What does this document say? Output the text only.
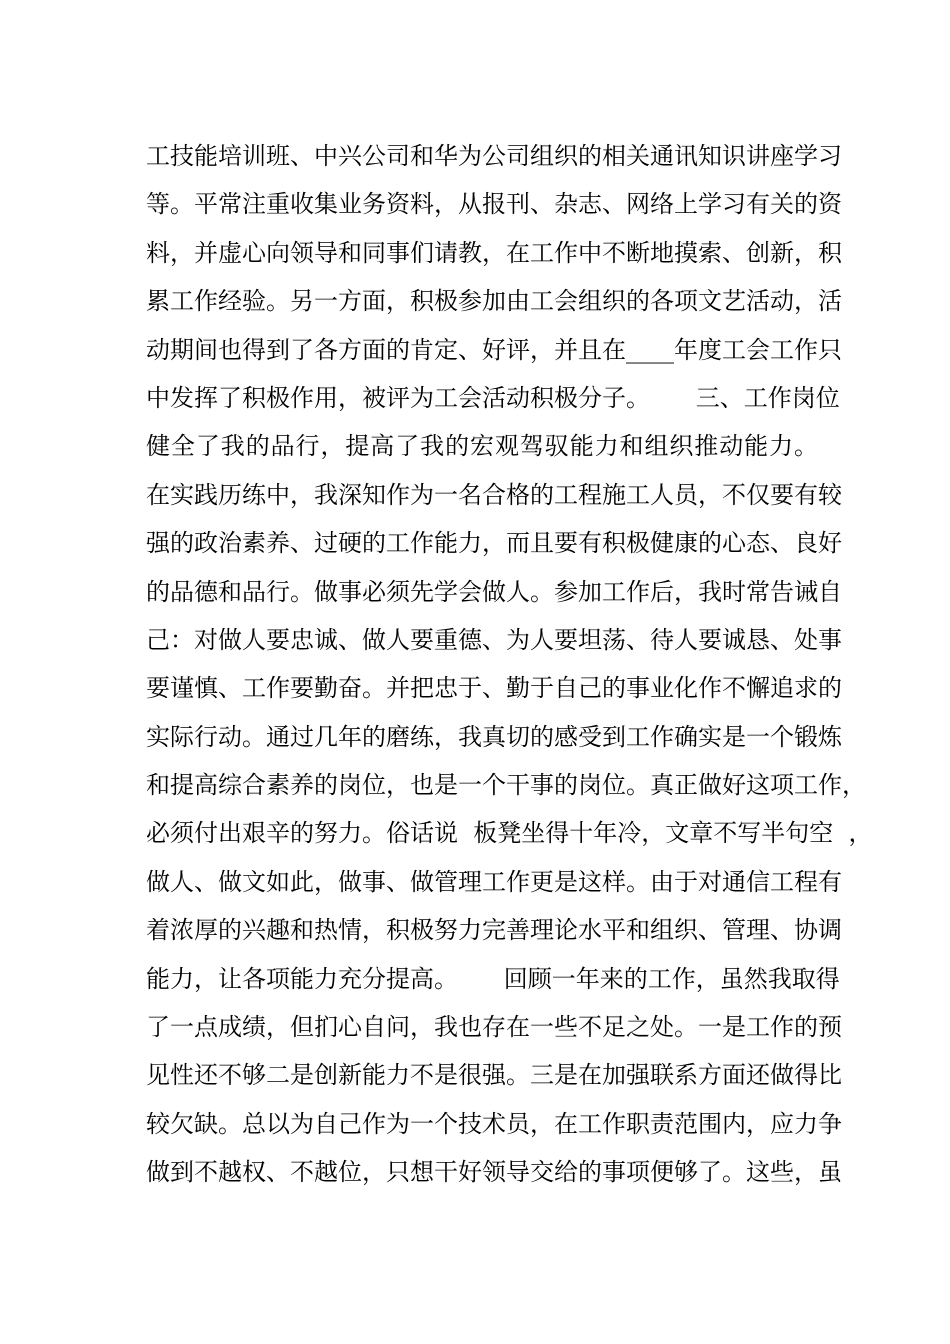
工技能培训班、中兴公司和华为公司组织的相关通讯知识讲座学习
等。平常注重收集业务资料，从报刊、杂志、网络上学习有关的资
料，并虚心向领导和同事们请教，在工作中不断地摸索、创新，积
累工作经验。另一方面，积极参加由工会组织的各项文艺活动，活
动期间也得到了各方面的肯定、好评，并且在____年度工会工作只
中发挥了积极作用，被评为工会活动积极分子。      三、工作岗位
健全了我的品行，提高了我的宏观驾驭能力和组织推动能力。
在实践历练中，我深知作为一名合格的工程施工人员，不仅要有较
强的政治素养、过硬的工作能力，而且要有积极健康的心态、良好
的品德和品行。做事必须先学会做人。参加工作后，我时常告诫自
己：对做人要忠诚、做人要重德、为人要坦荡、待人要诚恳、处事
要谨慎、工作要勤奋。并把忠于、勤于自己的事业化作不懈追求的
实际行动。通过几年的磨练，我真切的感受到工作确实是一个锻炼
和提高综合素养的岗位，也是一个干事的岗位。真正做好这项工作，
必须付出艰辛的努力。俗话说  板凳坐得十年冷，文章不写半句空  ，
做人、做文如此，做事、做管理工作更是这样。由于对通信工程有
着浓厚的兴趣和热情，积极努力完善理论水平和组织、管理、协调
能力，让各项能力充分提高。      回顾一年来的工作，虽然我取得
了一点成绩，但扪心自问，我也存在一些不足之处。一是工作的预
见性还不够二是创新能力不是很强。三是在加强联系方面还做得比
较欠缺。总以为自己作为一个技术员，在工作职责范围内，应力争
做到不越权、不越位，只想干好领导交给的事项便够了。这些，虽
